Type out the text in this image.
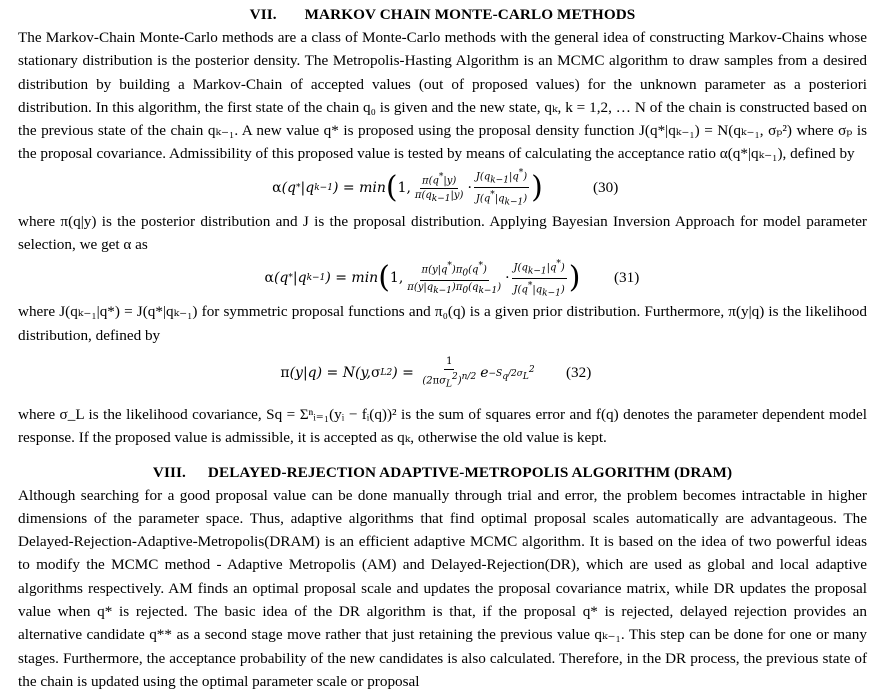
VII. MARKOV CHAIN MONTE-CARLO METHODS

The Markov-Chain Monte-Carlo methods are a class of Monte-Carlo methods with the general idea of constructing Markov-Chains whose stationary distribution is the posterior density. The Metropolis-Hasting Algorithm is an MCMC algorithm to draw samples from a desired distribution by building a Markov-Chain of accepted values (out of proposed values) for the unknown parameter as a posteriori distribution. In this algorithm, the first state of the chain q₀ is given and the new state, qₖ, k = 1,2, … N of the chain is constructed based on the previous state of the chain qₖ₋₁. A new value q* is proposed using the proposal density function J(q*|qₖ₋₁) = N(qₖ₋₁, σₚ²) where σₚ is the proposal covariance. Admissibility of this proposed value is tested by means of calculating the acceptance ratio α(q*|qₖ₋₁), defined by

α (q * |q k−1 ) = min ( 1, $\frac{\pi(q^*|y)}{\pi(q_{k-1}|y)} \cdot \frac{J(q_{k-1}|q^*)}{J(q^*|q_{k-1})}$ )	(30)

where π(q|y) is the posterior distribution and J is the proposal distribution. Applying Bayesian Inversion Approach for model parameter selection, we get α as

α (q * |q k−1 ) = min ( 1, $\frac{\pi(y|q^*)\pi_0(q^*)}{\pi(y|q_{k-1})\pi_0(q_{k-1})} \cdot \frac{J(q_{k-1}|q^*)}{J(q^*|q_{k-1})}$ ) (31)

where J(qₖ₋₁|q*) = J(q*|qₖ₋₁) for symmetric proposal functions and π₀(q) is a given prior distribution. Furthermore, π(y|q) is the likelihood distribution, defined by

π (y|q) = N(y, σ L 2 ) = $\frac{1}{(2\pi\sigma_L^2)^{n/2}}$ $e -S_q/2\sigma_L^2$ (32)

where σ_L is the likelihood covariance, Sq = Σⁿᵢ₌₁(yᵢ − fᵢ(q))² is the sum of squares error and f(q) denotes the parameter dependent model response. If the proposed value is admissible, it is accepted as qₖ, otherwise the old value is kept.

VIII. DELAYED-REJECTION ADAPTIVE-METROPOLIS ALGORITHM (DRAM)

Although searching for a good proposal value can be done manually through trial and error, the problem becomes intractable in higher dimensions of the parameter space. Thus, adaptive algorithms that find optimal proposal scales automatically are advantageous. The Delayed-Rejection-Adaptive-Metropolis(DRAM) is an efficient adaptive MCMC algorithm. It is based on the idea of two powerful ideas to modify the MCMC method - Adaptive Metropolis (AM) and Delayed-Rejection(DR), which are used as global and local adaptive algorithms respectively. AM finds an optimal proposal scale and updates the proposal covariance matrix, while DR updates the proposal value when q* is rejected. The basic idea of the DR algorithm is that, if the proposal q* is rejected, delayed rejection provides an alternative candidate q** as a second stage move rather that just retaining the previous value qₖ₋₁. This step can be done for one or many stages. Furthermore, the acceptance probability of the new candidates is also calculated. Therefore, in the DR process, the previous state of the chain is updated using the optimal parameter scale or proposal
